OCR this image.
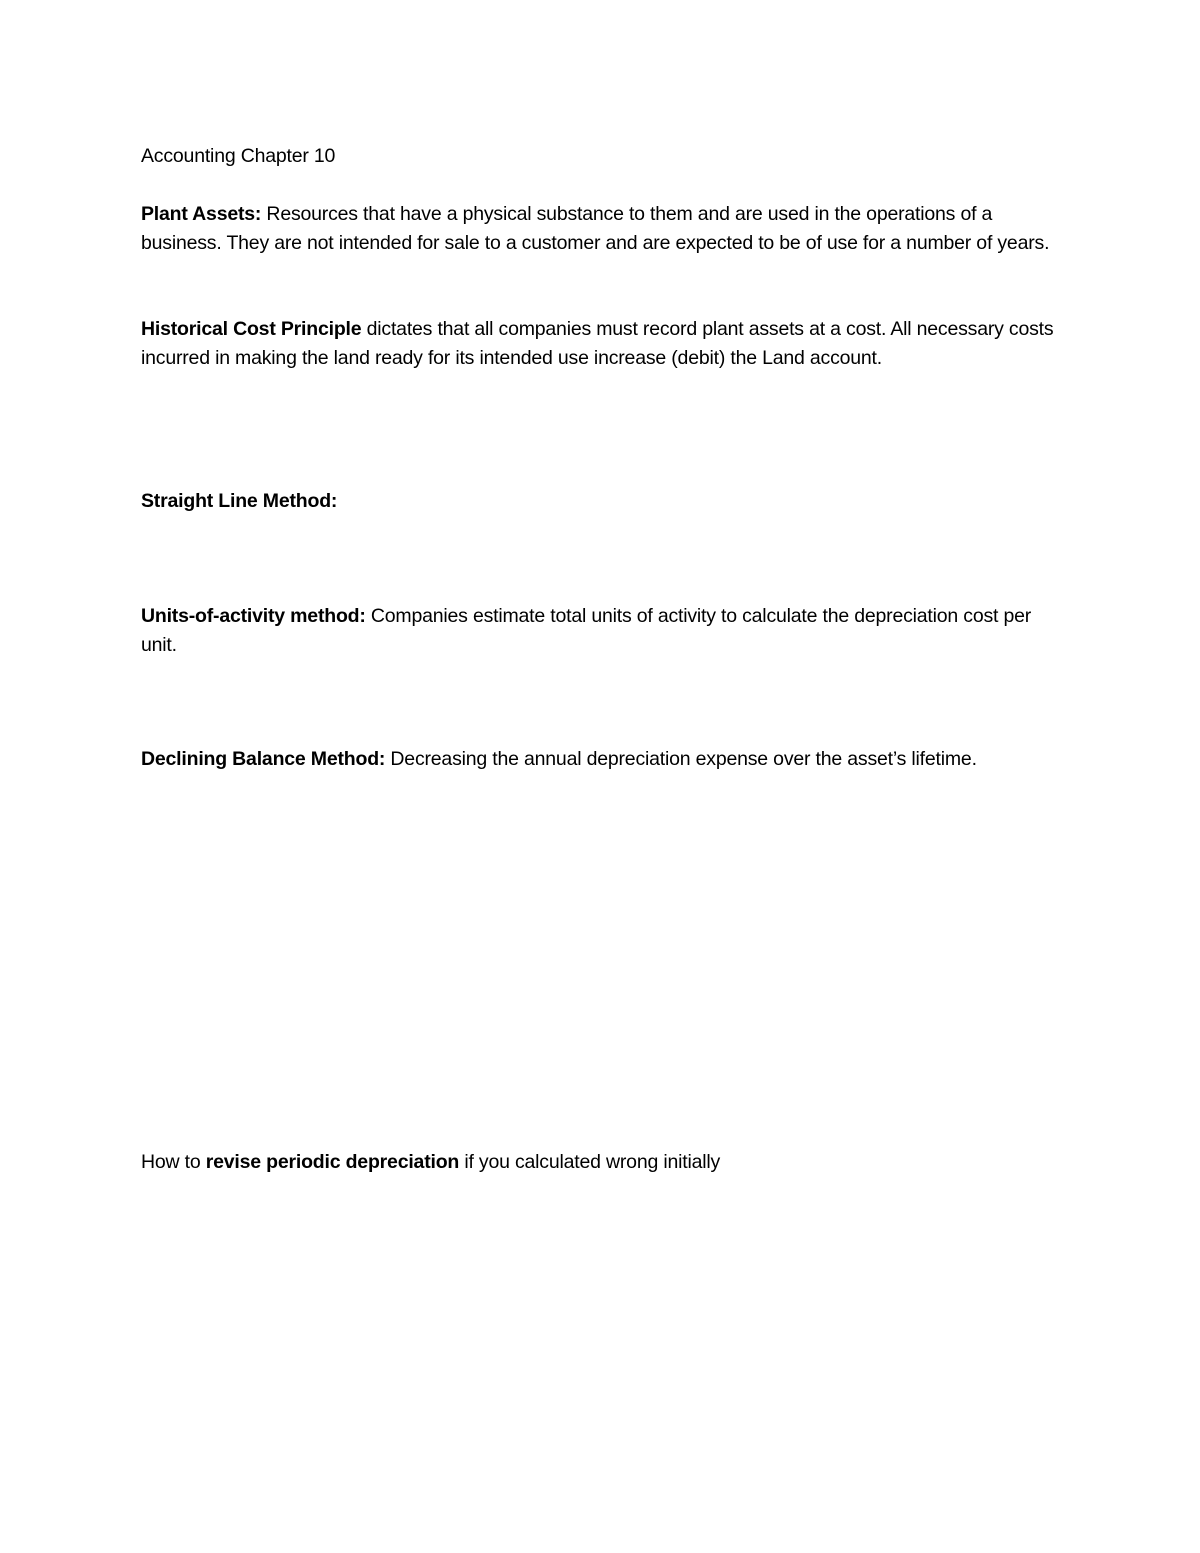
Accounting Chapter 10
Plant Assets: Resources that have a physical substance to them and are used in the operations of a business. They are not intended for sale to a customer and are expected to be of use for a number of years.
Historical Cost Principle dictates that all companies must record plant assets at a cost. All necessary costs incurred in making the land ready for its intended use increase (debit) the Land account.
Straight Line Method:
Units-of-activity method: Companies estimate total units of activity to calculate the depreciation cost per unit.
Declining Balance Method: Decreasing the annual depreciation expense over the asset’s lifetime.
How to revise periodic depreciation if you calculated wrong initially
